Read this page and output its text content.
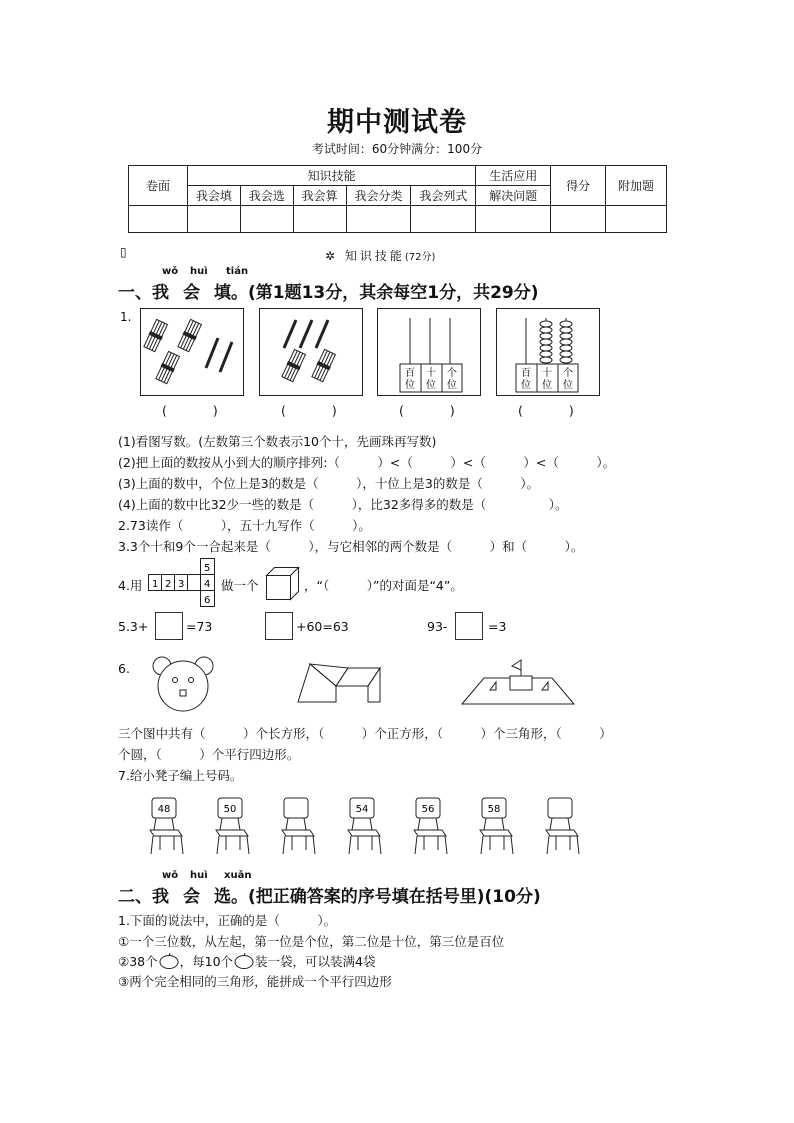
期中测试卷
考试时间：60分钟满分：100分
卷面	知识技能					生活应用	得分	附加题
	我会填	我会选	我会算	我会分类	我会列式	解决问题		

▯	✲ 知识技能(72分)
wǒ huì tián
一、我 会 填。(第1题13分，其余每空1分，共29分)
1.
百
位
十
位
个
位
百
位
十
位
个
位
(	)	(	)	(	)	(	)
(1)看图写数。(左数第三个数表示10个十，先画珠再写数)
(2)把上面的数按从小到大的顺序排列:（　　　）<（　　　）<（　　　）<（　　　）。
(3)上面的数中，个位上是3的数是（　　　），十位上是3的数是（　　　）。
(4)上面的数中比32少一些的数是（　　　），比32多得多的数是（　　　　　）。
2.73读作（　　　），五十九写作（　　　）。
3.3个十和9个一合起来是（　　　），与它相邻的两个数是（　　　）和（　　　）。
4.用 1 2 3 4
5
6
做一个	，“（　　　）”的对面是“4”。
5.3+	=73	+60=63	93-	=3
6.
三个图中共有（　　　）个长方形，（　　　）个正方形，（　　　）个三角形，（　　　）
个圆，（　　　）个平行四边形。
7.给小凳子编上号码。
48	50	54	56	58
wǒ huì xuǎn
二、我 会 选。(把正确答案的序号填在括号里)(10分)
1.下面的说法中，正确的是（　　　）。
①一个三位数，从左起，第一位是个位，第二位是十位，第三位是百位
②38个 ，每10个 装一袋，可以装满4袋
③两个完全相同的三角形，能拼成一个平行四边形
